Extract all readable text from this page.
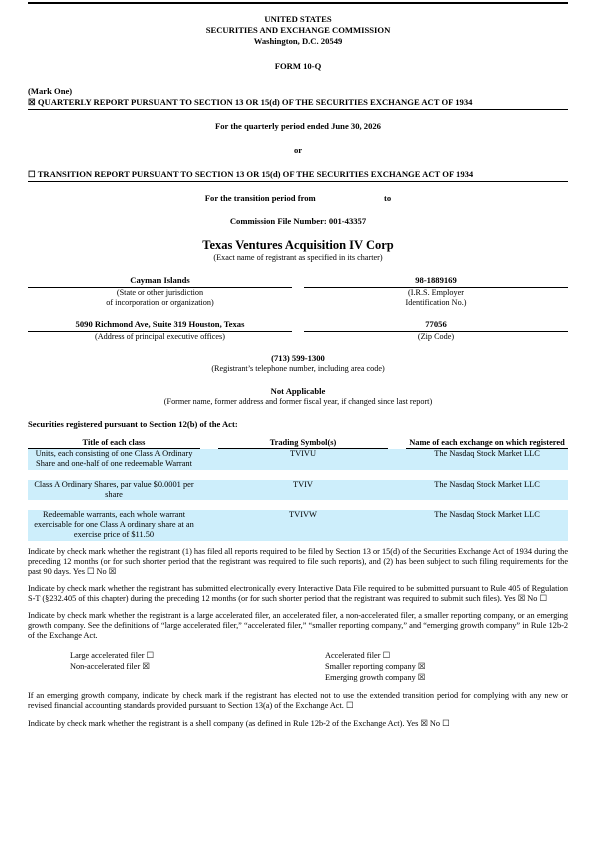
UNITED STATES
SECURITIES AND EXCHANGE COMMISSION
Washington, D.C. 20549
FORM 10-Q
(Mark One)
☒ QUARTERLY REPORT PURSUANT TO SECTION 13 OR 15(d) OF THE SECURITIES EXCHANGE ACT OF 1934
For the quarterly period ended June 30, 2026
or
☐ TRANSITION REPORT PURSUANT TO SECTION 13 OR 15(d) OF THE SECURITIES EXCHANGE ACT OF 1934
For the transition period from	to
Commission File Number: 001-43357
Texas Ventures Acquisition IV Corp
(Exact name of registrant as specified in its charter)
Cayman Islands
(State or other jurisdiction
of incorporation or organization)
98-1889169
(I.R.S. Employer
Identification No.)
5090 Richmond Ave, Suite 319 Houston, Texas
(Address of principal executive offices)
77056
(Zip Code)
(713) 599-1300
(Registrant’s telephone number, including area code)
Not Applicable
(Former name, former address and former fiscal year, if changed since last report)
Securities registered pursuant to Section 12(b) of the Act:
Title of each class		Trading Symbol(s)		Name of each exchange on which registered
Units, each consisting of one Class A Ordinary Share and one-half of one redeemable Warrant		TVIVU		The Nasdaq Stock Market LLC

Class A Ordinary Shares, par value $0.0001 per share		TVIV		The Nasdaq Stock Market LLC

Redeemable warrants, each whole warrant exercisable for one Class A ordinary share at an exercise price of $11.50		TVIVW		The Nasdaq Stock Market LLC
Indicate by check mark whether the registrant (1) has filed all reports required to be filed by Section 13 or 15(d) of the Securities Exchange Act of 1934 during the preceding 12 months (or for such shorter period that the registrant was required to file such reports), and (2) has been subject to such filing requirements for the past 90 days. Yes ☐ No ☒
Indicate by check mark whether the registrant has submitted electronically every Interactive Data File required to be submitted pursuant to Rule 405 of Regulation S-T (§232.405 of this chapter) during the preceding 12 months (or for such shorter period that the registrant was required to submit such files). Yes ☒ No ☐
Indicate by check mark whether the registrant is a large accelerated filer, an accelerated filer, a non-accelerated filer, a smaller reporting company, or an emerging growth company. See the definitions of “large accelerated filer,” “accelerated filer,” “smaller reporting company,” and “emerging growth company” in Rule 12b-2 of the Exchange Act.
Large accelerated filer ☐
Non-accelerated filer ☒
Accelerated filer ☐
Smaller reporting company ☒
Emerging growth company ☒
If an emerging growth company, indicate by check mark if the registrant has elected not to use the extended transition period for complying with any new or revised financial accounting standards provided pursuant to Section 13(a) of the Exchange Act. ☐
Indicate by check mark whether the registrant is a shell company (as defined in Rule 12b-2 of the Exchange Act). Yes ☒ No ☐
